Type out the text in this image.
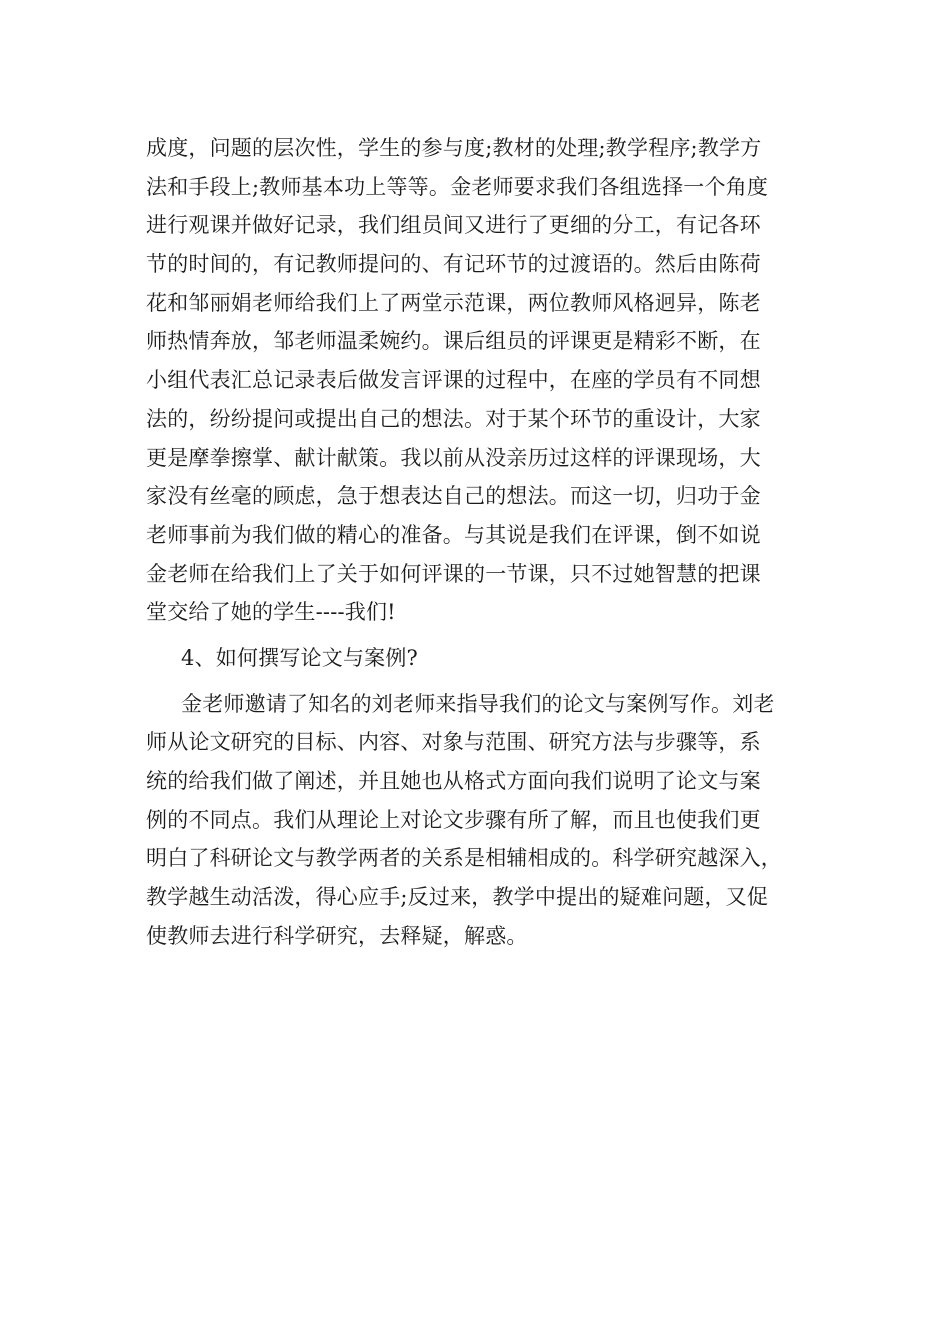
成度，问题的层次性，学生的参与度;教材的处理;教学程序;教学方
法和手段上;教师基本功上等等。金老师要求我们各组选择一个角度
进行观课并做好记录，我们组员间又进行了更细的分工，有记各环
节的时间的，有记教师提问的、有记环节的过渡语的。然后由陈荷
花和邹丽娟老师给我们上了两堂示范课，两位教师风格迥异，陈老
师热情奔放，邹老师温柔婉约。课后组员的评课更是精彩不断，在
小组代表汇总记录表后做发言评课的过程中，在座的学员有不同想
法的，纷纷提问或提出自己的想法。对于某个环节的重设计，大家
更是摩拳擦掌、献计献策。我以前从没亲历过这样的评课现场，大
家没有丝毫的顾虑，急于想表达自己的想法。而这一切，归功于金
老师事前为我们做的精心的准备。与其说是我们在评课，倒不如说
金老师在给我们上了关于如何评课的一节课，只不过她智慧的把课
堂交给了她的学生----我们!
4、如何撰写论文与案例?
金老师邀请了知名的刘老师来指导我们的论文与案例写作。刘老
师从论文研究的目标、内容、对象与范围、研究方法与步骤等，系
统的给我们做了阐述，并且她也从格式方面向我们说明了论文与案
例的不同点。我们从理论上对论文步骤有所了解，而且也使我们更
明白了科研论文与教学两者的关系是相辅相成的。科学研究越深入，
教学越生动活泼，得心应手;反过来，教学中提出的疑难问题，又促
使教师去进行科学研究，去释疑，解惑。
